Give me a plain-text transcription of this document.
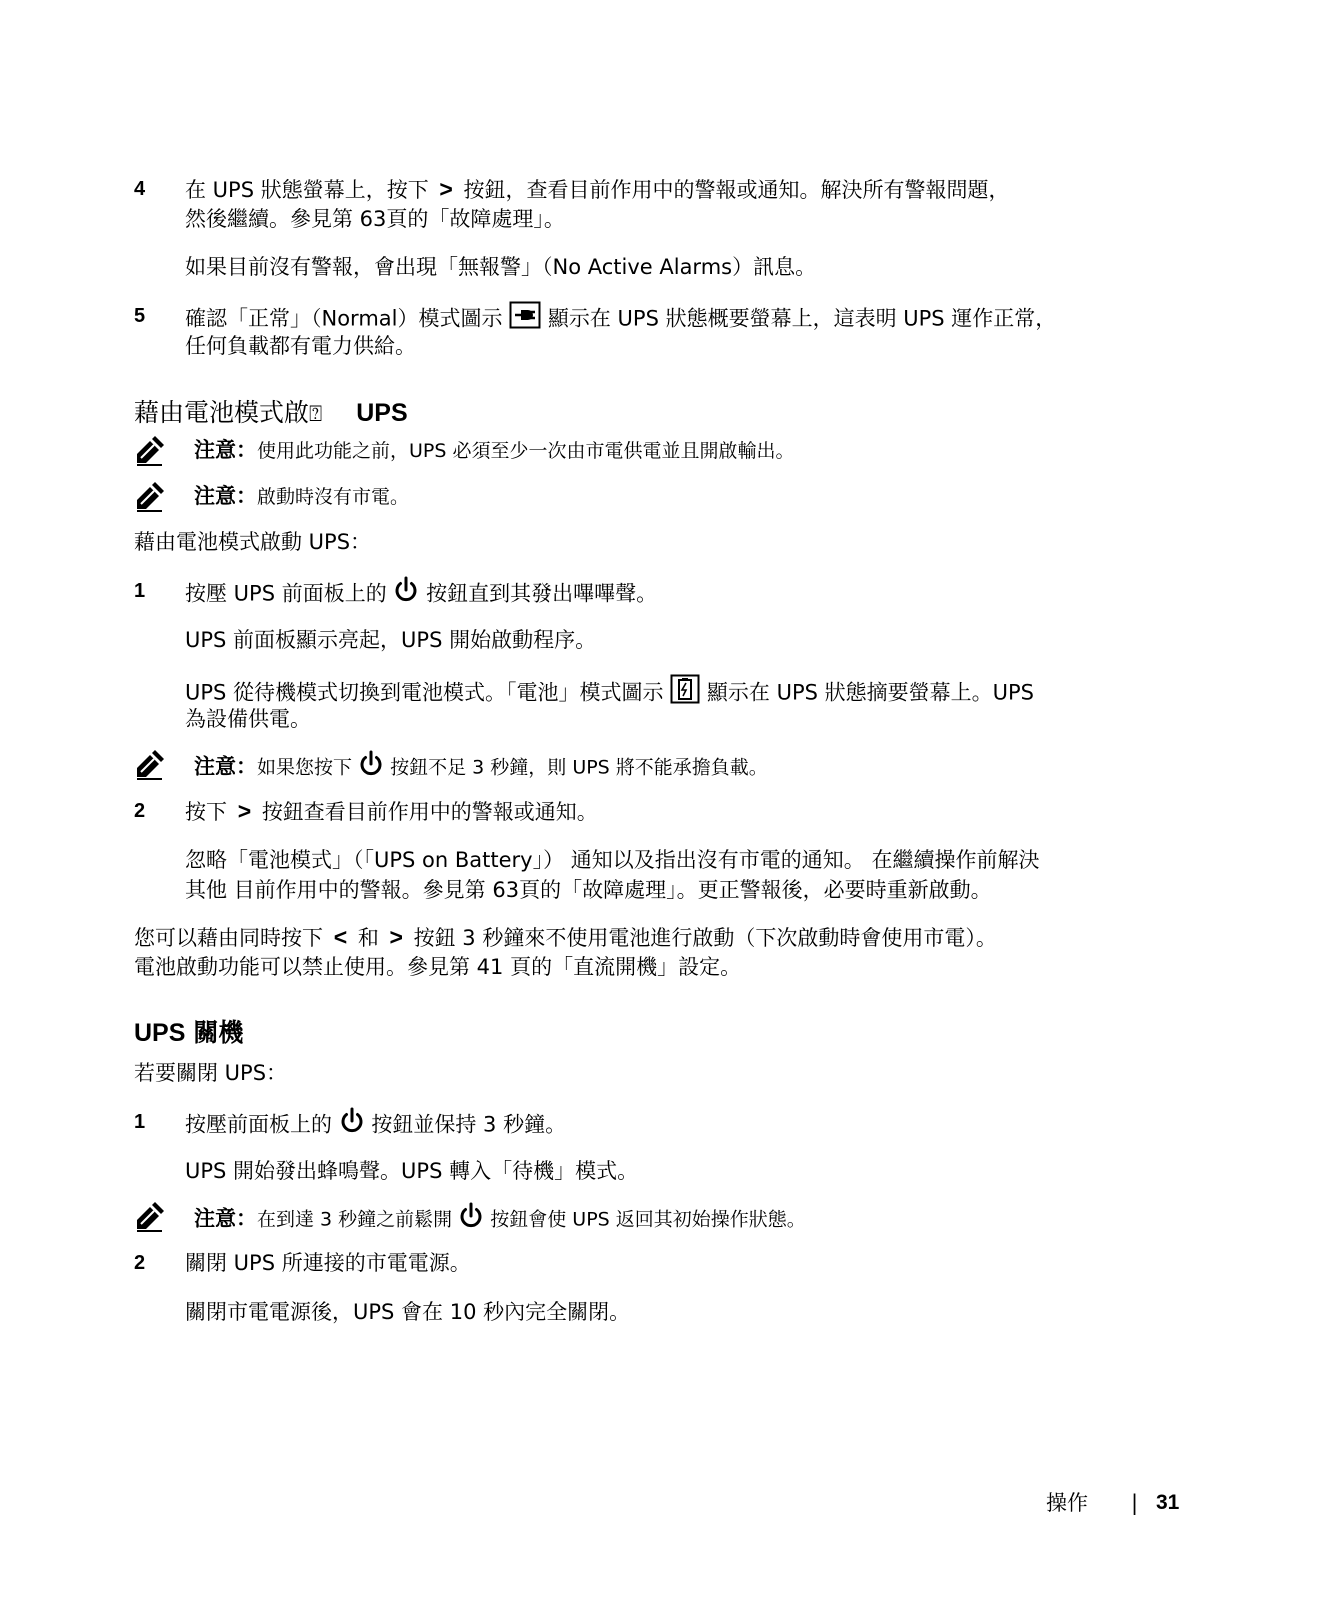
4 在 UPS 狀態螢幕上，按下 > 按鈕，查看目前作用中的警報或通知。解決所有警報問題，
然後繼續。參見第 63頁的「故障處理」。
如果目前沒有警報，會出現「無報警」（No Active Alarms）訊息。
5 確認「正常」（Normal）模式圖示 顯示在 UPS 狀態概要螢幕上，這表明 UPS 運作正常，
任何負載都有電力供給。
藉由電池模式啟⍰ UPS
注意：使用此功能之前，UPS 必須至少一次由市電供電並且開啟輸出。
注意：啟動時沒有市電。
藉由電池模式啟動 UPS：
1 按壓 UPS 前面板上的 按鈕直到其發出嗶嗶聲。
UPS 前面板顯示亮起，UPS 開始啟動程序。
UPS 從待機模式切換到電池模式。「電池」模式圖示 顯示在 UPS 狀態摘要螢幕上。UPS
為設備供電。
注意：如果您按下 按鈕不足 3 秒鐘，則 UPS 將不能承擔負載。
2 按下 > 按鈕查看目前作用中的警報或通知。
忽略「電池模式」（「UPS on Battery」） 通知以及指出沒有市電的通知。 在繼續操作前解決
其他 目前作用中的警報。參見第 63頁的「故障處理」。更正警報後，必要時重新啟動。
您可以藉由同時按下 < 和 > 按鈕 3 秒鐘來不使用電池進行啟動（下次啟動時會使用市電）。
電池啟動功能可以禁止使用。參見第 41 頁的「直流開機」設定。
UPS 關機
若要關閉 UPS：
1 按壓前面板上的 按鈕並保持 3 秒鐘。
UPS 開始發出蜂鳴聲。UPS 轉入「待機」模式。
注意：在到達 3 秒鐘之前鬆開 按鈕會使 UPS 返回其初始操作狀態。
2 關閉 UPS 所連接的市電電源。
關閉市電電源後，UPS 會在 10 秒內完全關閉。
操作 | 31
